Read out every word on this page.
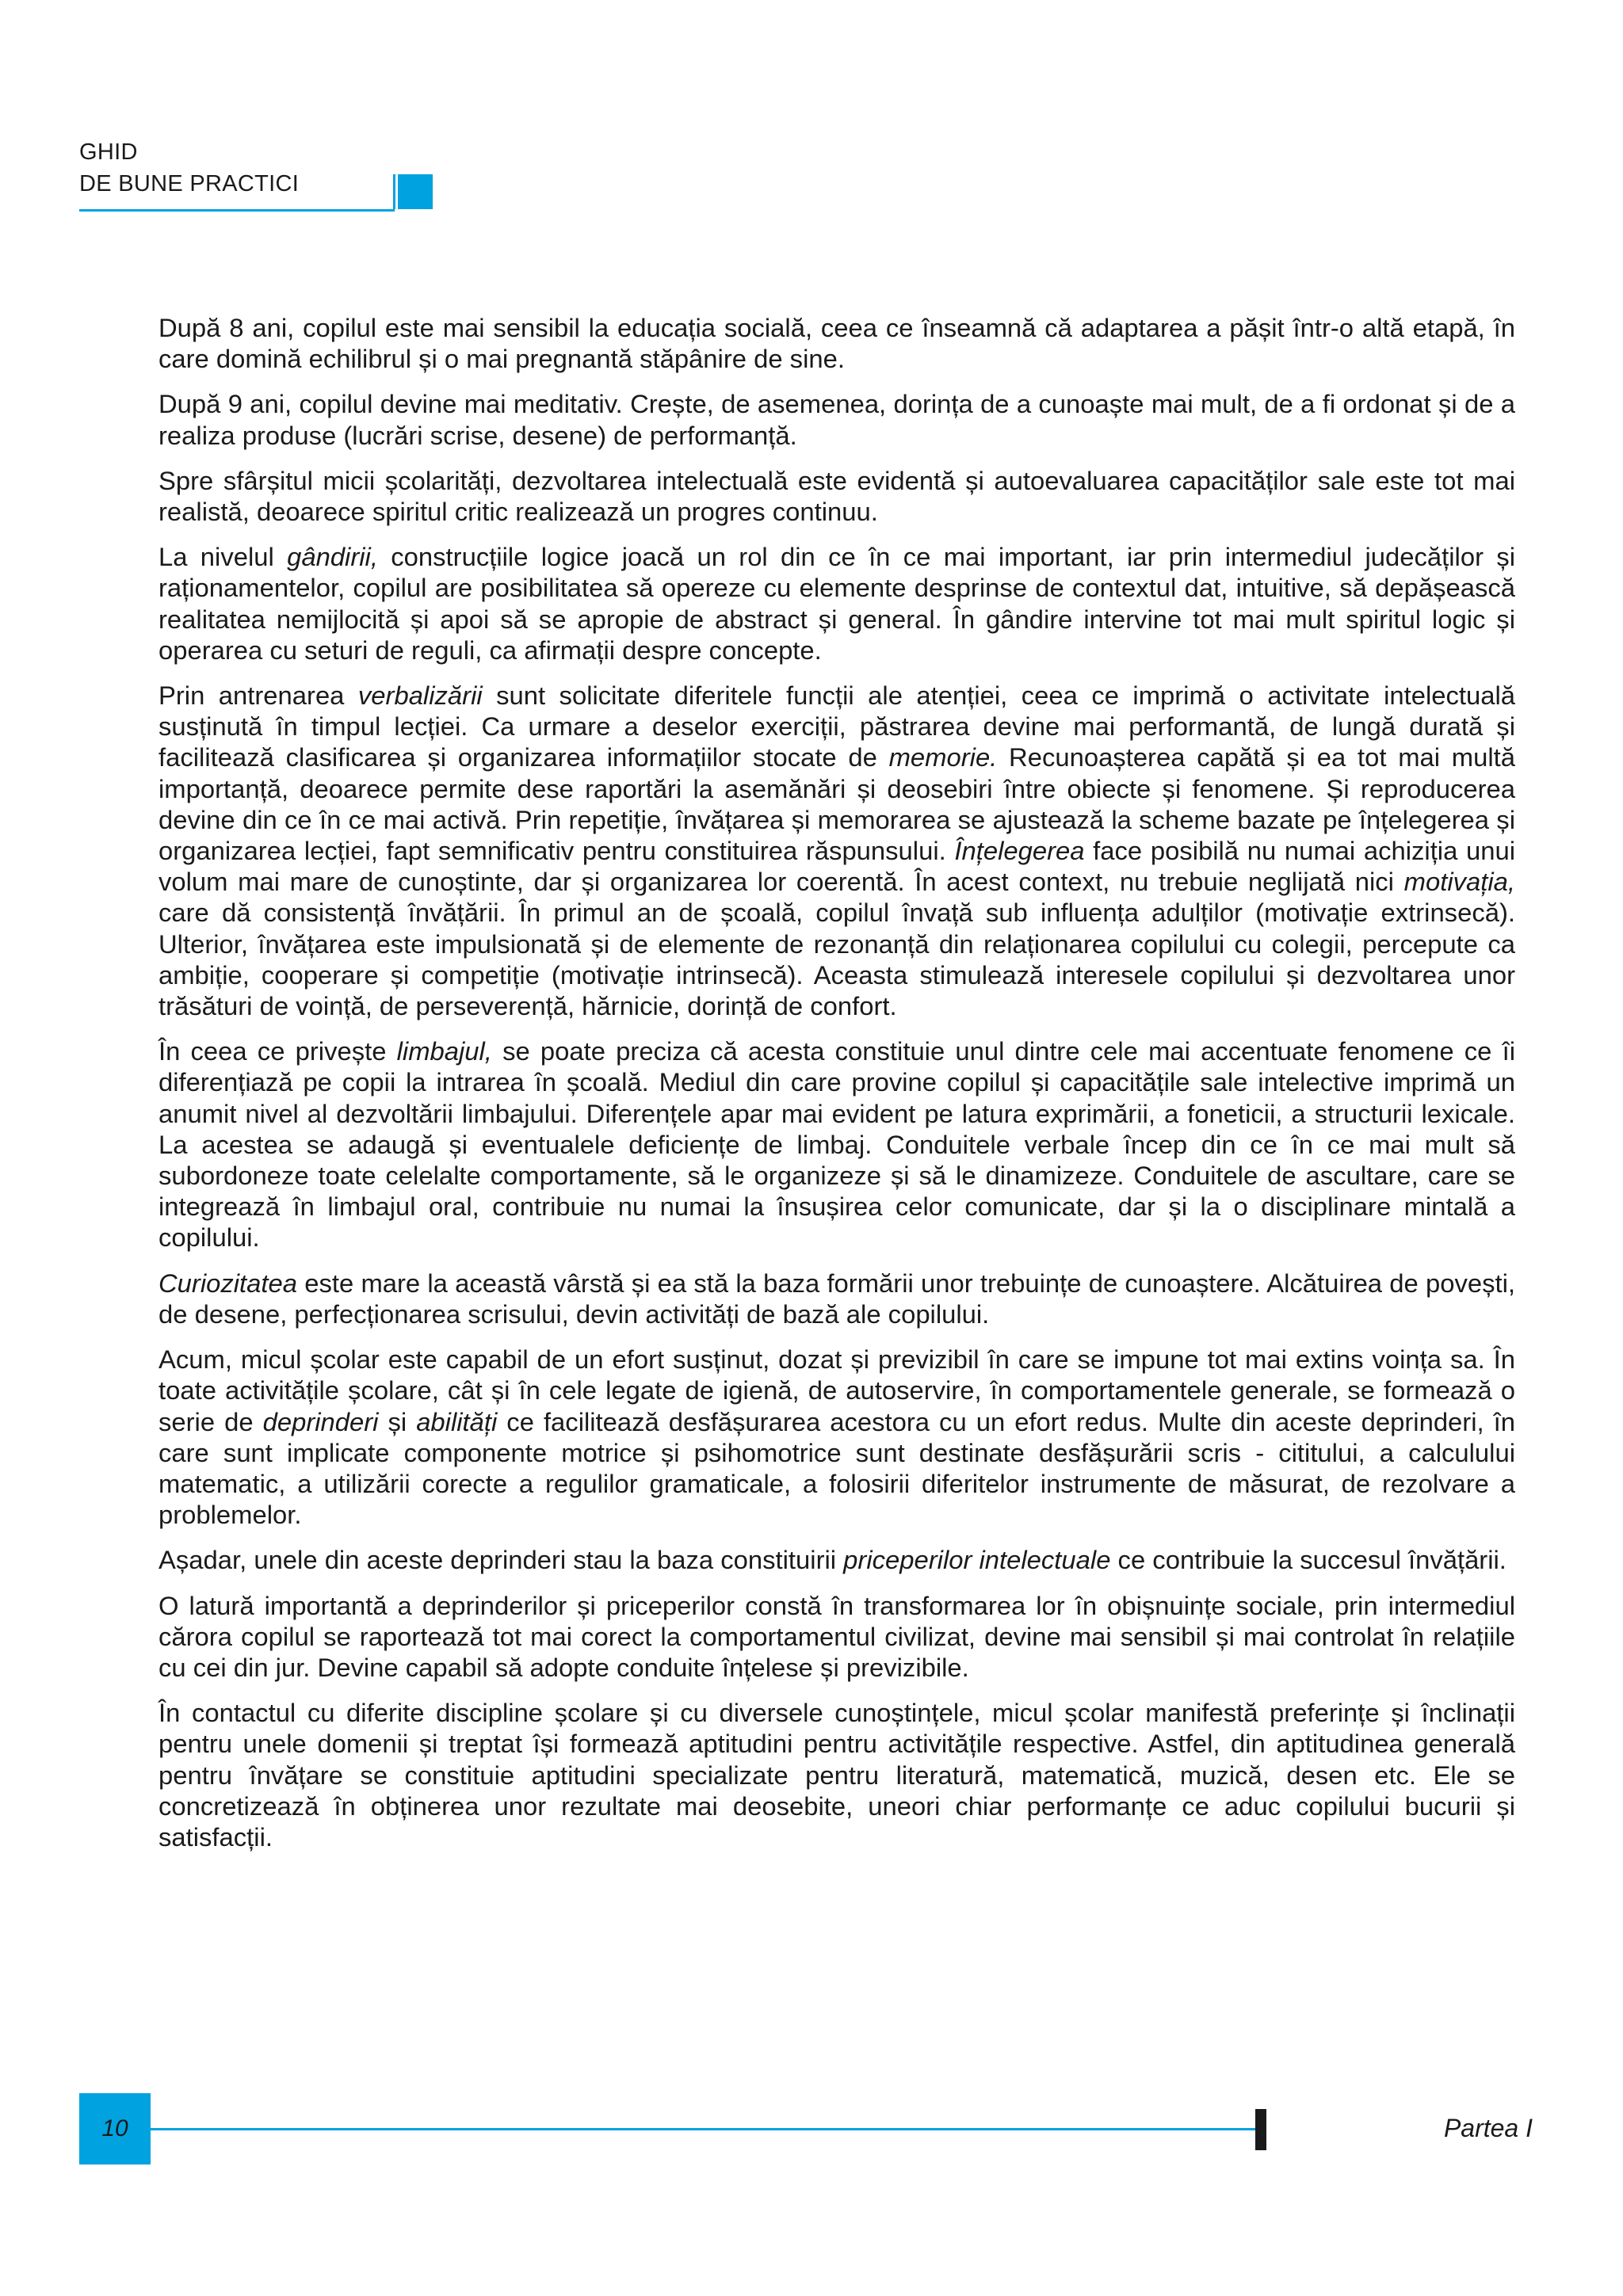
GHID
DE BUNE PRACTICI

După 8 ani, copilul este mai sensibil la educația socială, ceea ce înseamnă că adaptarea a pășit într-o altă etapă, în care domină echilibrul și o mai pregnantă stăpânire de sine.

După 9 ani, copilul devine mai meditativ. Crește, de asemenea, dorința de a cunoaște mai mult, de a fi ordonat și de a realiza produse (lucrări scrise, desene) de performanță.

Spre sfârșitul micii școlarități, dezvoltarea intelectuală este evidentă și autoevaluarea capacităților sale este tot mai realistă, deoarece spiritul critic realizează un progres continuu.

La nivelul gândirii, construcțiile logice joacă un rol din ce în ce mai important, iar prin intermediul judecăților și raționamentelor, copilul are posibilitatea să opereze cu elemente desprinse de contextul dat, intuitive, să depășească realitatea nemijlocită și apoi să se apropie de abstract și general. În gândire intervine tot mai mult spiritul logic și operarea cu seturi de reguli, ca afirmații despre concepte.

Prin antrenarea verbalizării sunt solicitate diferitele funcții ale atenției, ceea ce imprimă o activitate intelectuală susținută în timpul lecției. Ca urmare a deselor exerciții, păstrarea devine mai performantă, de lungă durată și facilitează clasificarea și organizarea informațiilor stocate de memorie. Recunoașterea capătă și ea tot mai multă importanță, deoarece permite dese raportări la asemănări și deosebiri între obiecte și fenomene. Și reproducerea devine din ce în ce mai activă. Prin repetiție, învățarea și memorarea se ajustează la scheme bazate pe înțelegerea și organizarea lecției, fapt semnificativ pentru constituirea răspunsului. Înțelegerea face posibilă nu numai achiziția unui volum mai mare de cunoștinte, dar și organizarea lor coerentă. În acest context, nu trebuie neglijată nici motivația, care dă consistență învățării. În primul an de școală, copilul învață sub influența adulților (motivație extrinsecă). Ulterior, învățarea este impulsionată și de elemente de rezonanță din relaționarea copilului cu colegii, percepute ca ambiție, cooperare și competiție (motivație intrinsecă). Aceasta stimulează interesele copilului și dezvoltarea unor trăsături de voință, de perseverență, hărnicie, dorință de confort.

În ceea ce privește limbajul, se poate preciza că acesta constituie unul dintre cele mai accentuate fenomene ce îi diferențiază pe copii la intrarea în școală. Mediul din care provine copilul și capacitățile sale intelective imprimă un anumit nivel al dezvoltării limbajului. Diferențele apar mai evident pe latura exprimării, a foneticii, a structurii lexicale. La acestea se adaugă și eventualele deficiențe de limbaj. Conduitele verbale încep din ce în ce mai mult să subordoneze toate celelalte comportamente, să le organizeze și să le dinamizeze. Conduitele de ascultare, care se integrează în limbajul oral, contribuie nu numai la însușirea celor comunicate, dar și la o disciplinare mintală a copilului.

Curiozitatea este mare la această vârstă și ea stă la baza formării unor trebuințe de cunoaștere. Alcătuirea de povești, de desene, perfecționarea scrisului, devin activități de bază ale copilului.

Acum, micul școlar este capabil de un efort susținut, dozat și previzibil în care se impune tot mai extins voința sa. În toate activitățile școlare, cât și în cele legate de igienă, de autoservire, în comportamentele generale, se formează o serie de deprinderi și abilități ce facilitează desfășurarea acestora cu un efort redus. Multe din aceste deprinderi, în care sunt implicate componente motrice și psihomotrice sunt destinate desfășurării scris - cititului, a calculului matematic, a utilizării corecte a regulilor gramaticale, a folosirii diferitelor instrumente de măsurat, de rezolvare a problemelor.

Așadar, unele din aceste deprinderi stau la baza constituirii priceperilor intelectuale ce contribuie la succesul învățării.

O latură importantă a deprinderilor și priceperilor constă în transformarea lor în obișnuințe sociale, prin intermediul cărora copilul se raportează tot mai corect la comportamentul civilizat, devine mai sensibil și mai controlat în relațiile cu cei din jur. Devine capabil să adopte conduite înțelese și previzibile.

În contactul cu diferite discipline școlare și cu diversele cunoștințele, micul școlar manifestă preferințe și înclinații pentru unele domenii și treptat își formează aptitudini pentru activitățile respective. Astfel, din aptitudinea generală pentru învățare se constituie aptitudini specializate pentru literatură, matematică, muzică, desen etc. Ele se concretizează în obținerea unor rezultate mai deosebite, uneori chiar performanțe ce aduc copilului bucurii și satisfacții.

10	Partea I
